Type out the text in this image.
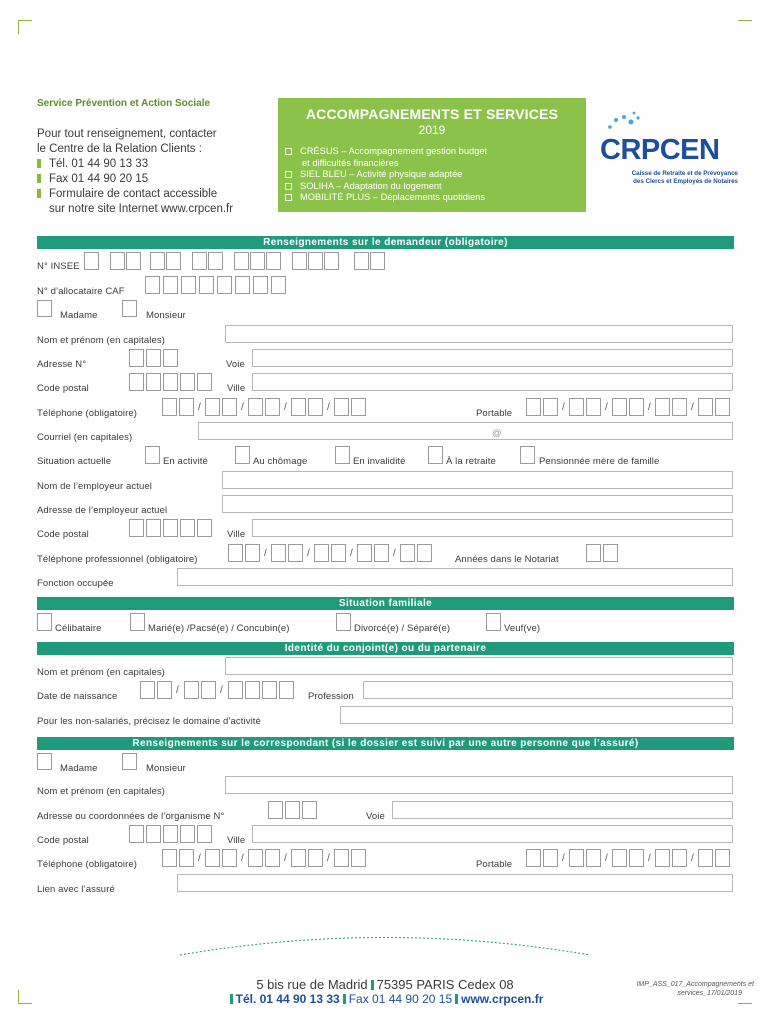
Service Prévention et Action Sociale
Pour tout renseignement, contacter
le Centre de la Relation Clients :
Tél. 01 44 90 13 33
Fax 01 44 90 20 15
Formulaire de contact accessible
sur notre site Internet www.crpcen.fr
ACCOMPAGNEMENTS ET SERVICES
2019
CRÉSUS – Accompagnement gestion budget
et difficultés financières
SIEL BLEU – Activité physique adaptée
SOLIHA – Adaptation du logement
MOBILITÉ PLUS – Déplacements quotidiens
CRPCEN
Caisse de Retraite et de Prévoyance
des Clercs et Employés de Notaires
Renseignements sur le demandeur (obligatoire)
N° INSEE
N° d’allocataire CAF
Madame	Monsieur
Nom et prénom (en capitales)
Adresse N°	Voie
Code postal	Ville
Téléphone (obligatoire)
/	/	/	/
Portable
/	/	/	/
Courriel (en capitales)	@
Situation actuelle	En activité	Au chômage	En invalidité	À la retraite	Pensionnée mère de famille
Nom de l’employeur actuel
Adresse de l’employeur actuel
Code postal	Ville
Téléphone professionnel (obligatoire)
/	/	/	/
Années dans le Notariat
Fonction occupée
Situation familiale
Célibataire	Marié(e) /Pacsé(e) / Concubin(e)	Divorcé(e) / Séparé(e)	Veuf(ve)
Identité du conjoint(e) ou du partenaire
Nom et prénom (en capitales)
Date de naissance
/	/
Profession
Pour les non-salariés, précisez le domaine d’activité
Renseignements sur le correspondant (si le dossier est suivi par une autre personne que l’assuré)
Madame	Monsieur
Nom et prénom (en capitales)
Adresse ou coordonnées de l’organisme N°	Voie
Code postal	Ville
Téléphone (obligatoire)
/	/	/	/
Portable
/	/	/	/
Lien avec l’assuré
5 bis rue de Madrid 75395 PARIS Cedex 08
Tél. 01 44 90 13 33 Fax 01 44 90 20 15 www.crpcen.fr
IMP_ASS_017_Accompagnements et
services_17/01/2019
